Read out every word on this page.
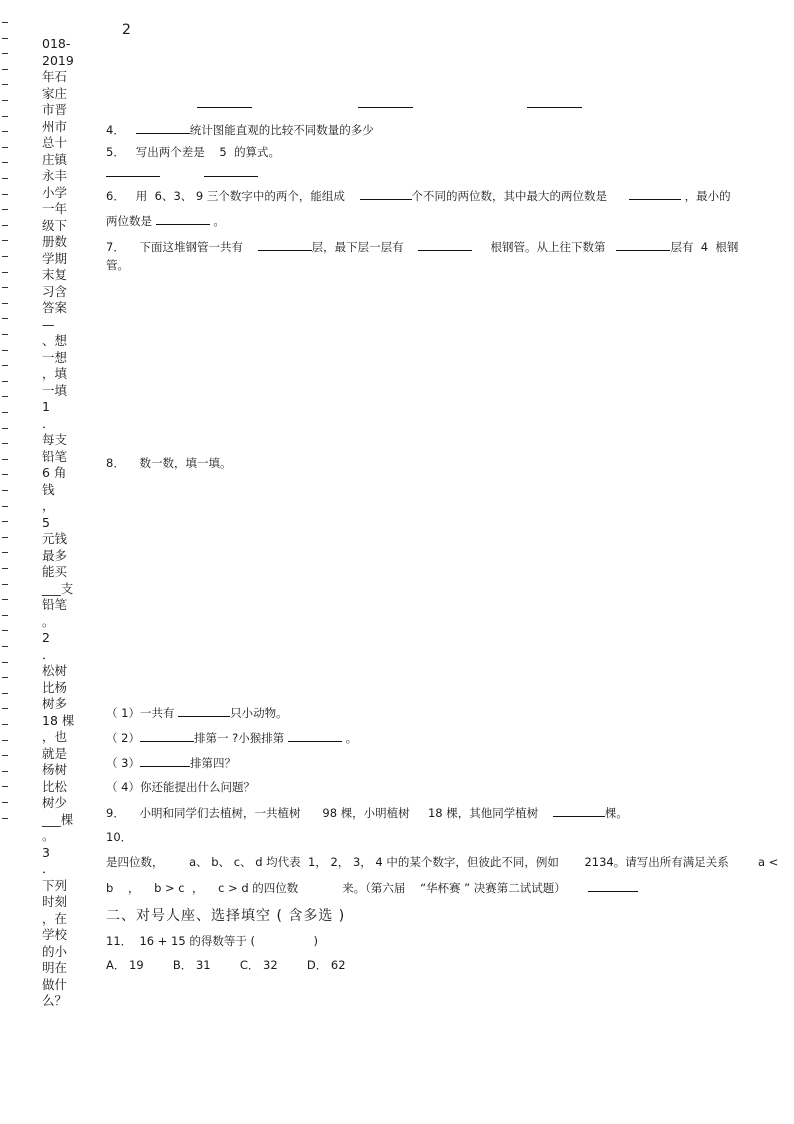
2
018-
2019
年石
家庄
市晋
州市
总十
庄镇
永丰
小学
一年
级下
册数
学期
末复
习含
答案
—
、想
一想
，填
一填
1
．
每支
铅笔
6 角钱
，
5
元钱
最多
能买
___支
铅笔
。
2
．
松树
比杨
树多
18 棵
，也
就是
杨树
比松
树少
___棵
。
3
．
下列
时刻
，在
学校
的小
明在
做什
么？
4．	统计图能直观的比较不同数量的多少
5． 写出两个差是 5 的算式。
6． 用 6、3、 9 三个数字中的两个，能组成	个不同的两位数，其中最大的两位数是	，最小的
两位数是	。
7． 下面这堆钢管一共有	层，最下层一层有	根钢管。从上往下数第	层有 4 根钢
管。
8． 数一数，填一填。
（ 1）一共有	只小动物。
（ 2）	排第一 ?小猴排第	。
（ 3）	排第四？
（ 4）你还能提出什么问题？
9． 小明和同学们去植树，一共植树 98 棵，小明植树 18 棵，其他同学植树	棵。
10．
是四位数， a、 b、 c、 d 均代表 1， 2， 3， 4 中的某个数字，但彼此不同，例如 2134。请写出所有满足关系	a <
b ， b > c ， c > d 的四位数	来。（第六届 “华杯赛 ” 决赛第二试试题）
二、对号人座、选择填空 ( 含多选 )
11． 16 + 15 的得数等于 (	)
A． 19	B． 31	C． 32	D． 62
